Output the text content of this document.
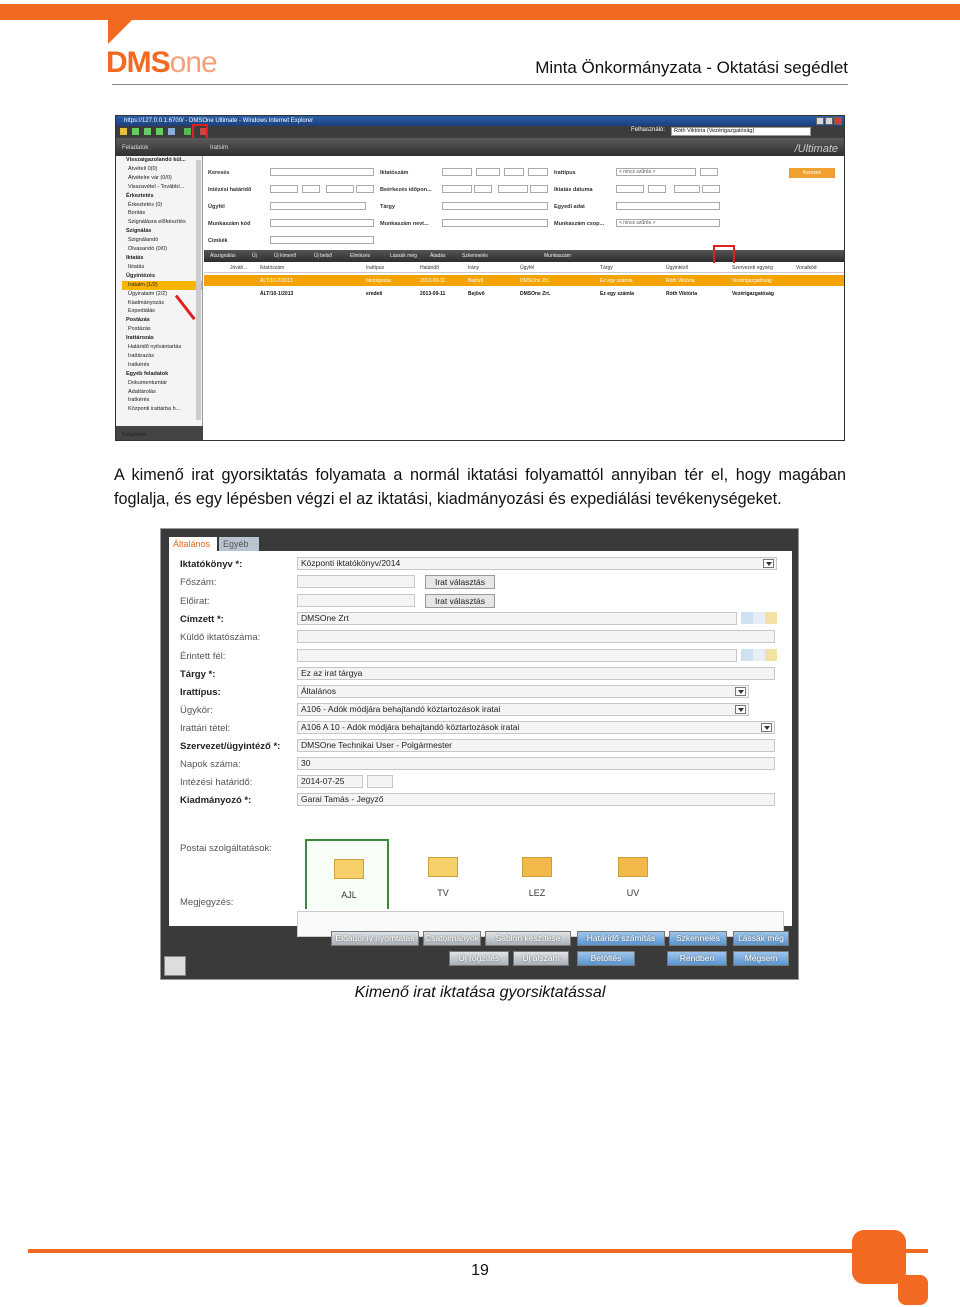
DMSone	Minta Önkormányzata - Oktatási segédlet
https://127.0.0.1:6700/ - DMSOne Ultimate - Windows Internet Explorer
Felhasználó:	Róth Viktória (Vezérigazgatóság)
Feladatok	Iratsim	/Ultimate
Visszaigazolandó kül...
Átvételi 0(0)
Átvételre vár (0/0)
Visszavétel - Továbbí...
Érkeztetés
Érkeztetés (0)
Bontás
Szignálásra előkészítés
Szignálás
Szignálandó
Olvasandó (0/0)
Iktatás
Iktatás
Ügyintézés
Irataim (1/2)
Ügyirataim (2/2)
Kiadmányozás
Expediálás
Postázás
Postázás
Irattározás
Határidő nyilvántartás
Irattárazás
Iratkérés
Egyéb feladatok
Dokumentumtár
Adattárolás
Iratkérés
Központi irattárba h...
Feladatok
Keresés	Iktatószám	Irattípus	< nincs szűrés >	Keresés
Intézési határidő	Beérkezés időpon...	Iktatás dátuma
Ügyfél	Tárgy	Egyedi adat
Munkaszám kód	Munkaszám nevt...	Munkaszám csop...	< nincs szűrés >
Cimkék
Átszignálás	Új	Új kimenő	Új belső	Elintézés	Lássák még	Átadás	Szkennelés	Munkaszám
Jóváh... Iktatószám	Irattípus	Határidő	Irány	Ügyfél	Tárgy	Ügyintéző	Szervezeti egység	Vonalkód
ÁLT/10-2/2013	feldolgozás	2013-09-11	Bejövő	DMSOne Zrt.	Ez egy számla	Róth Viktória	Vezérigazgatóság
ÁLT/10-1/2013	eredeti	2013-09-11	Bejövő	DMSOne Zrt.	Ez egy számla	Róth Viktória	Vezérigazgatóság
A kimenő irat gyorsiktatás folyamata a normál iktatási folyamattól annyiban tér el, hogy magában foglalja, és egy lépésben végzi el az iktatási, kiadmányozási és expediálási tevékenységeket.
Általános	Egyéb
AJL	TV	LEZ	UV
Postai szolgáltatások:
Megjegyzés:
Iktatókönyv *:	Központi iktatókönyv/2014
Főszám:
Előirat:
Címzett *:	DMSOne Zrt
Küldő iktatószáma:
Érintett fél:
Tárgy *:	Ez az irat tárgya
Irattípus:	Általános
Ügykör:	A106 - Adók módjára behajtandó köztartozások iratai
Irattári tétel:	A106 A 10 - Adók módjára behajtandó köztartozások iratai
Szervezet/ügyintéző *:	DMSOne Technikai User - Polgármester
Napok száma:	30
Intézési határidő:	2014-07-25
Kiadmányozó *:	Garai Tamás - Jegyző
Irat választás
Irat választás
Előadói ív nyomtatás	Csatolmányok	Sablon készítése	Határidő számítás	Szkennelés	Lássák még
Új rögzítés	Új alszám	Betöltés	Rendben	Mégsem
Kimenő irat iktatása gyorsiktatással
19
